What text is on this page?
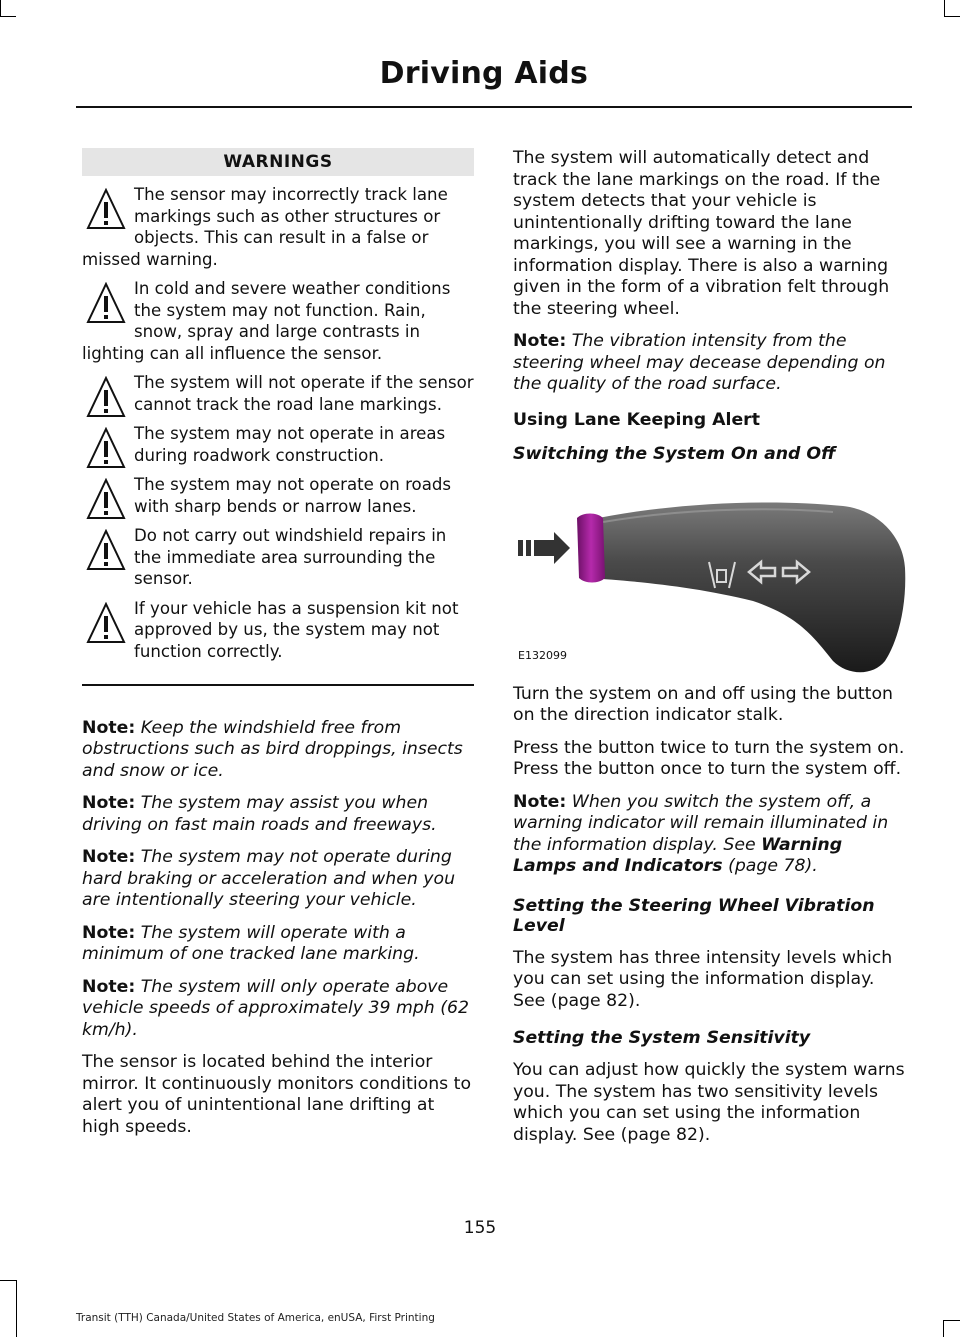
Driving Aids
WARNINGS

The sensor may incorrectly track lane markings such as other structures or objects. This can result in a false or missed warning.

In cold and severe weather conditions the system may not function. Rain, snow, spray and large contrasts in lighting can all influence the sensor.

The system will not operate if the sensor cannot track the road lane markings.

The system may not operate in areas during roadwork construction.

The system may not operate on roads with sharp bends or narrow lanes.

Do not carry out windshield repairs in the immediate area surrounding the sensor.

If your vehicle has a suspension kit not approved by us, the system may not function correctly.

Note: Keep the windshield free from obstructions such as bird droppings, insects and snow or ice.

Note: The system may assist you when driving on fast main roads and freeways.

Note: The system may not operate during hard braking or acceleration and when you are intentionally steering your vehicle.

Note: The system will operate with a minimum of one tracked lane marking.

Note: The system will only operate above vehicle speeds of approximately 39 mph (62 km/h).

The sensor is located behind the interior mirror. It continuously monitors conditions to alert you of unintentional lane drifting at high speeds.

The system will automatically detect and track the lane markings on the road. If the system detects that your vehicle is unintentionally drifting toward the lane markings, you will see a warning in the information display. There is also a warning given in the form of a vibration felt through the steering wheel.

Note: The vibration intensity from the steering wheel may decease depending on the quality of the road surface.

Using Lane Keeping Alert
Switching the System On and Off
E132099

Turn the system on and off using the button on the direction indicator stalk.

Press the button twice to turn the system on. Press the button once to turn the system off.

Note: When you switch the system off, a warning indicator will remain illuminated in the information display. See Warning Lamps and Indicators (page 78).

Setting the Steering Wheel Vibration Level

The system has three intensity levels which you can set using the information display. See (page 82).

Setting the System Sensitivity

You can adjust how quickly the system warns you. The system has two sensitivity levels which you can set using the information display. See (page 82).

155
Transit (TTH) Canada/United States of America, enUSA, First Printing
